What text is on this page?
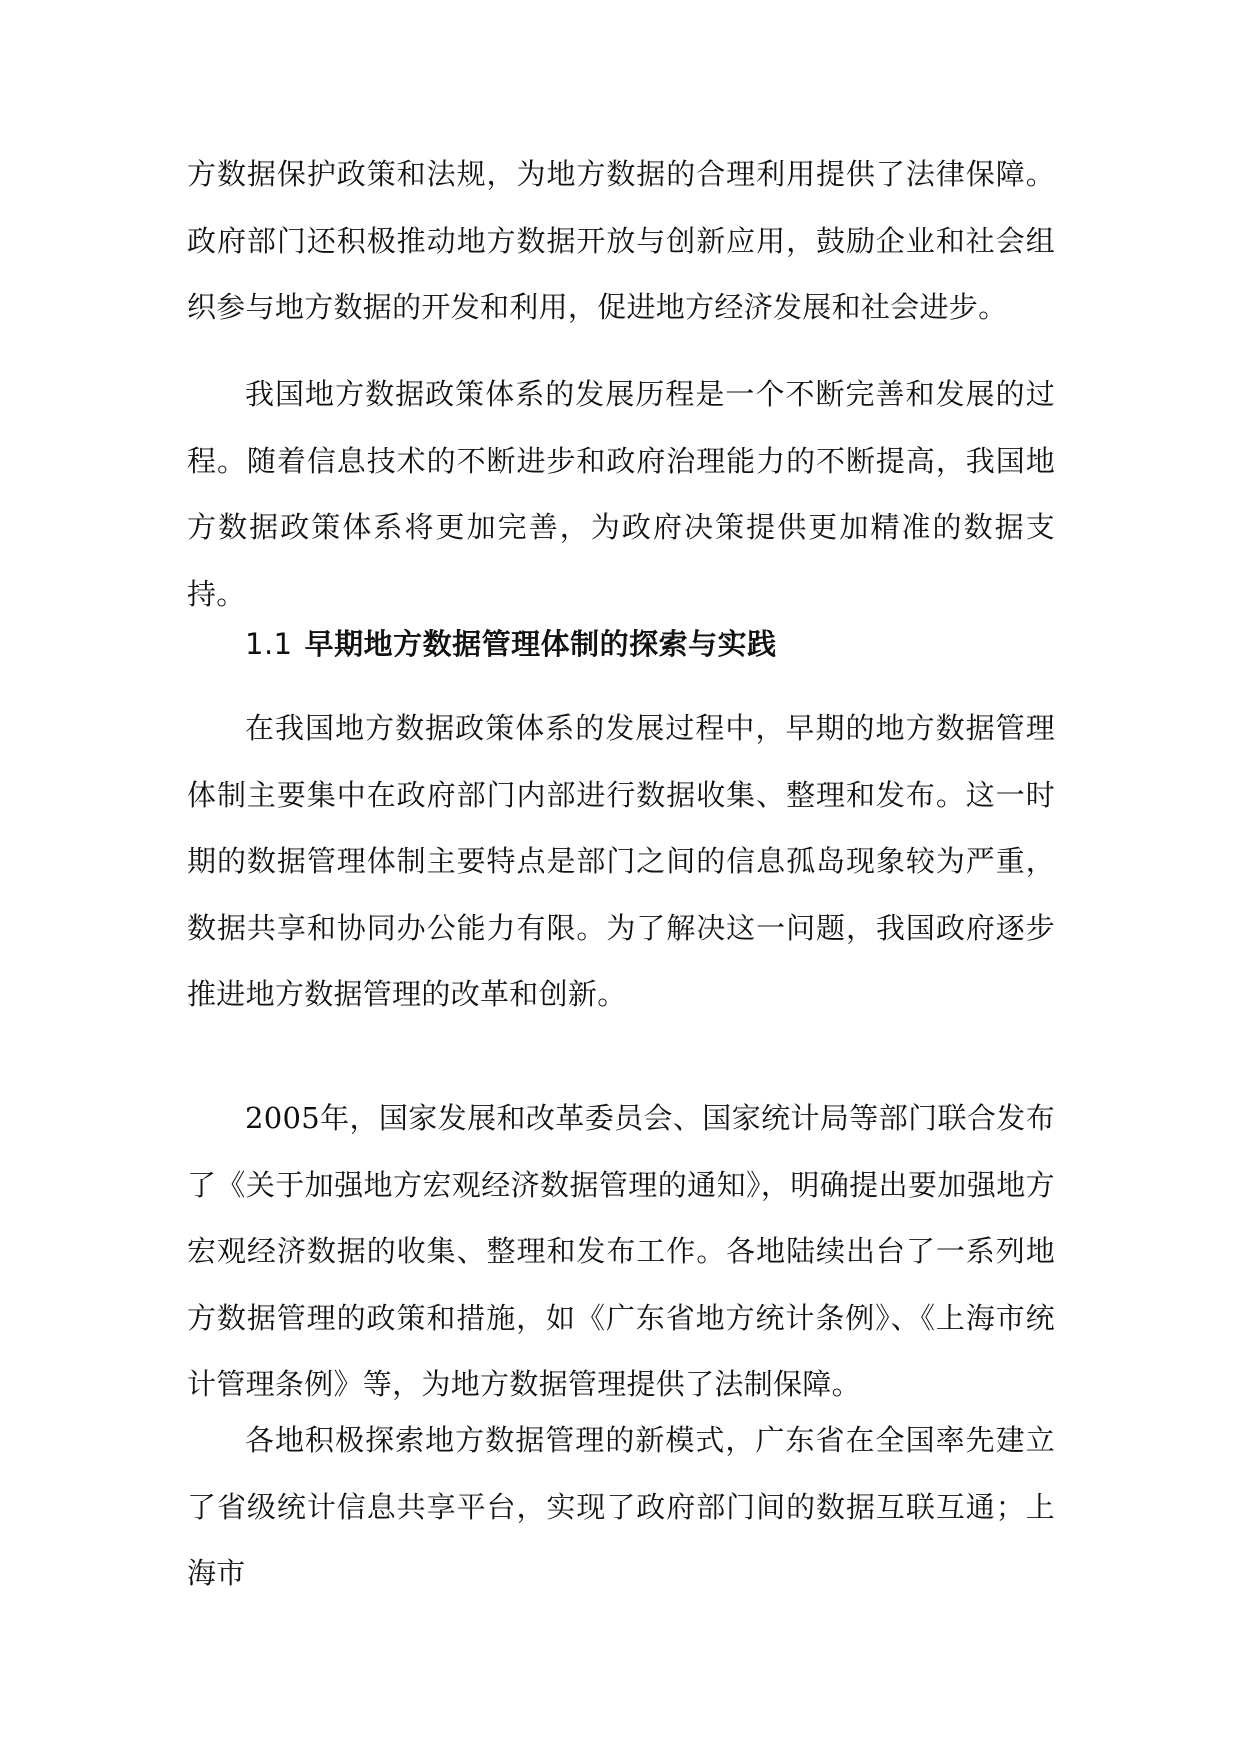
方数据保护政策和法规，为地方数据的合理利用提供了法律保障。政府部门还积极推动地方数据开放与创新应用，鼓励企业和社会组织参与地方数据的开发和利用，促进地方经济发展和社会进步。
我国地方数据政策体系的发展历程是一个不断完善和发展的过程。随着信息技术的不断进步和政府治理能力的不断提高，我国地方数据政策体系将更加完善，为政府决策提供更加精准的数据支持。
1.1 早期地方数据管理体制的探索与实践
在我国地方数据政策体系的发展过程中，早期的地方数据管理体制主要集中在政府部门内部进行数据收集、整理和发布。这一时期的数据管理体制主要特点是部门之间的信息孤岛现象较为严重，数据共享和协同办公能力有限。为了解决这一问题，我国政府逐步推进地方数据管理的改革和创新。
2005年，国家发展和改革委员会、国家统计局等部门联合发布了《关于加强地方宏观经济数据管理的通知》，明确提出要加强地方宏观经济数据的收集、整理和发布工作。各地陆续出台了一系列地方数据管理的政策和措施，如《广东省地方统计条例》、《上海市统计管理条例》等，为地方数据管理提供了法制保障。
各地积极探索地方数据管理的新模式，广东省在全国率先建立了省级统计信息共享平台，实现了政府部门间的数据互联互通；上海市
